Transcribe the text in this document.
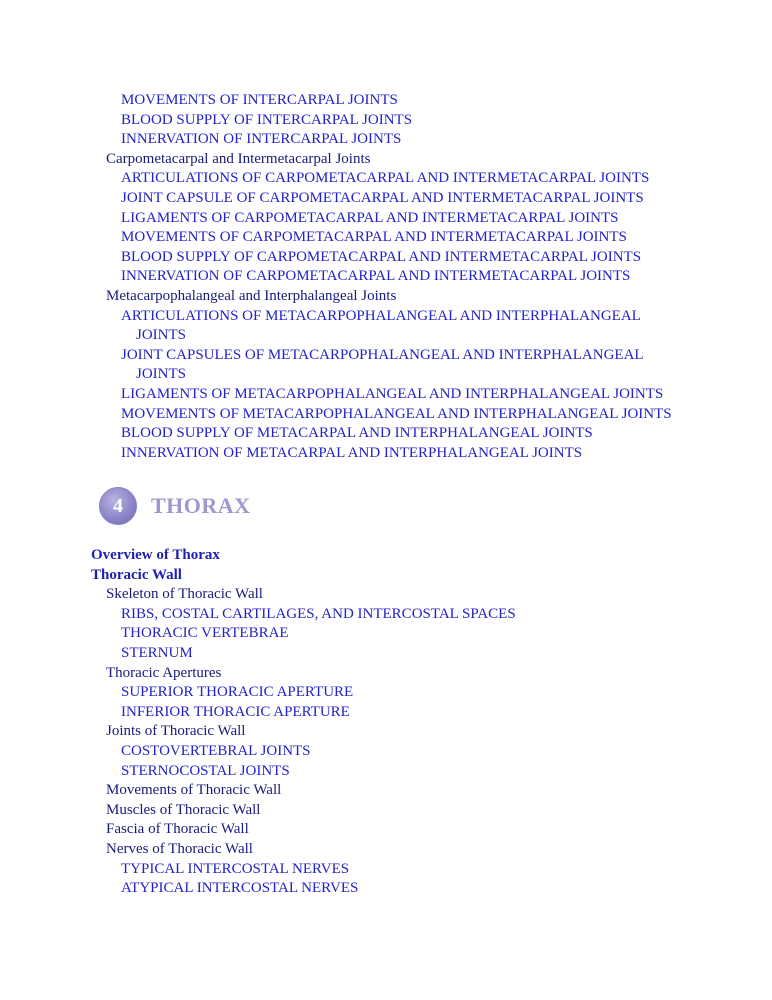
MOVEMENTS OF INTERCARPAL JOINTS
BLOOD SUPPLY OF INTERCARPAL JOINTS
INNERVATION OF INTERCARPAL JOINTS
Carpometacarpal and Intermetacarpal Joints
ARTICULATIONS OF CARPOMETACARPAL AND INTERMETACARPAL JOINTS
JOINT CAPSULE OF CARPOMETACARPAL AND INTERMETACARPAL JOINTS
LIGAMENTS OF CARPOMETACARPAL AND INTERMETACARPAL JOINTS
MOVEMENTS OF CARPOMETACARPAL AND INTERMETACARPAL JOINTS
BLOOD SUPPLY OF CARPOMETACARPAL AND INTERMETACARPAL JOINTS
INNERVATION OF CARPOMETACARPAL AND INTERMETACARPAL JOINTS
Metacarpophalangeal and Interphalangeal Joints
ARTICULATIONS OF METACARPOPHALANGEAL AND INTERPHALANGEAL
JOINTS
JOINT CAPSULES OF METACARPOPHALANGEAL AND INTERPHALANGEAL
JOINTS
LIGAMENTS OF METACARPOPHALANGEAL AND INTERPHALANGEAL JOINTS
MOVEMENTS OF METACARPOPHALANGEAL AND INTERPHALANGEAL JOINTS
BLOOD SUPPLY OF METACARPAL AND INTERPHALANGEAL JOINTS
INNERVATION OF METACARPAL AND INTERPHALANGEAL JOINTS
4	THORAX
Overview of Thorax
Thoracic Wall
Skeleton of Thoracic Wall
RIBS, COSTAL CARTILAGES, AND INTERCOSTAL SPACES
THORACIC VERTEBRAE
STERNUM
Thoracic Apertures
SUPERIOR THORACIC APERTURE
INFERIOR THORACIC APERTURE
Joints of Thoracic Wall
COSTOVERTEBRAL JOINTS
STERNOCOSTAL JOINTS
Movements of Thoracic Wall
Muscles of Thoracic Wall
Fascia of Thoracic Wall
Nerves of Thoracic Wall
TYPICAL INTERCOSTAL NERVES
ATYPICAL INTERCOSTAL NERVES
